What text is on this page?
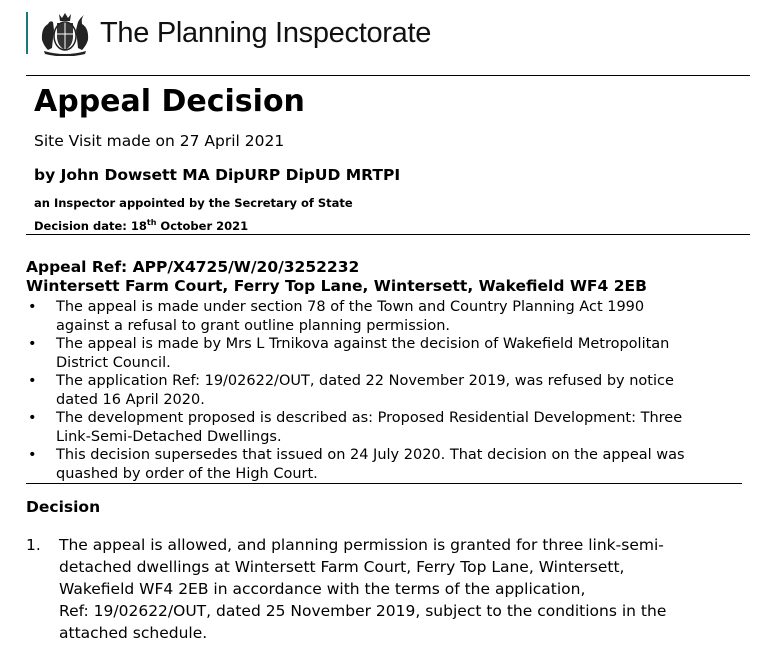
The Planning Inspectorate
Appeal Decision
Site Visit made on 27 April 2021
by John Dowsett MA DipURP DipUD MRTPI
an Inspector appointed by the Secretary of State
Decision date: 18th October 2021
Appeal Ref: APP/X4725/W/20/3252232
Wintersett Farm Court, Ferry Top Lane, Wintersett, Wakefield WF4 2EB
• The appeal is made under section 78 of the Town and Country Planning Act 1990
against a refusal to grant outline planning permission.
• The appeal is made by Mrs L Trnikova against the decision of Wakefield Metropolitan
District Council.
• The application Ref: 19/02622/OUT, dated 22 November 2019, was refused by notice
dated 16 April 2020.
• The development proposed is described as: Proposed Residential Development: Three
Link-Semi-Detached Dwellings.
• This decision supersedes that issued on 24 July 2020. That decision on the appeal was
quashed by order of the High Court.
Decision
1.	The appeal is allowed, and planning permission is granted for three link-semi-
detached dwellings at Wintersett Farm Court, Ferry Top Lane, Wintersett,
Wakefield WF4 2EB in accordance with the terms of the application,
Ref: 19/02622/OUT, dated 25 November 2019, subject to the conditions in the
attached schedule.
